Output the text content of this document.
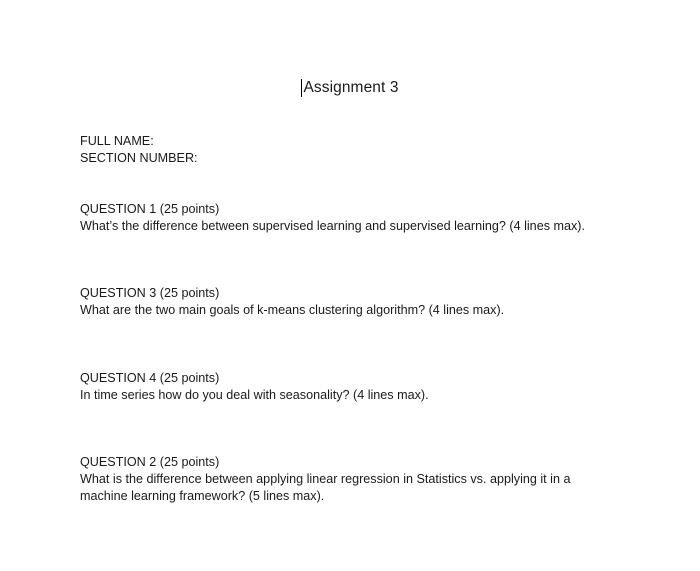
Assignment 3
FULL NAME:
SECTION NUMBER:
QUESTION 1 (25 points)
What’s the difference between supervised learning and supervised learning? (4 lines max).
QUESTION 3 (25 points)
What are the two main goals of k-means clustering algorithm? (4 lines max).
QUESTION 4 (25 points)
In time series how do you deal with seasonality? (4 lines max).
QUESTION 2 (25 points)
What is the difference between applying linear regression in Statistics vs. applying it in a
machine learning framework? (5 lines max).
